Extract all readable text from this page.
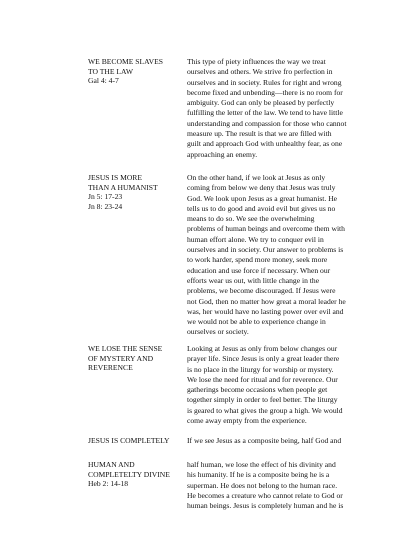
WE BECOME SLAVES
TO THE LAW
Gal 4: 4-7
This type of piety influences the way we treat
ourselves and others. We strive fro perfection in
ourselves and in society. Rules for right and wrong
become fixed and unbending—there is no room for
ambiguity. God can only be pleased by perfectly
fulfilling the letter of the law. We tend to have little
understanding and compassion for those who cannot
measure up. The result is that we are filled with
guilt and approach God with unhealthy fear, as one
approaching an enemy.
JESUS IS MORE
THAN A HUMANIST
Jn 5: 17-23
Jn 8: 23-24
On the other hand, if we look at Jesus as only
coming from below we deny that Jesus was truly
God. We look upon Jesus as a great humanist. He
tells us to do good and avoid evil but gives us no
means to do so. We see the overwhelming
problems of human beings and overcome them with
human effort alone. We try to conquer evil in
ourselves and in society. Our answer to problems is
to work harder, spend more money, seek more
education and use force if necessary. When our
efforts wear us out, with little change in the
problems, we become discouraged. If Jesus were
not God, then no matter how great a moral leader he
was, her would have no lasting power over evil and
we would not be able to experience change in
ourselves or society.
WE LOSE THE SENSE
OF MYSTERY AND
REVERENCE
Looking at Jesus as only from below changes our
prayer life. Since Jesus is only a great leader there
is no place in the liturgy for worship or mystery.
We lose the need for ritual and for reverence. Our
gatherings become occasions when people get
together simply in order to feel better. The liturgy
is geared to what gives the group a high. We would
come away empty from the experience.
JESUS IS COMPLETELY	If we see Jesus as a composite being, half God and
HUMAN AND
COMPLETELTY DIVINE
Heb 2: 14-18
half human, we lose the effect of his divinity and
his humanity. If he is a composite being he is a
superman. He does not belong to the human race.
He becomes a creature who cannot relate to God or
human beings. Jesus is completely human and he is
